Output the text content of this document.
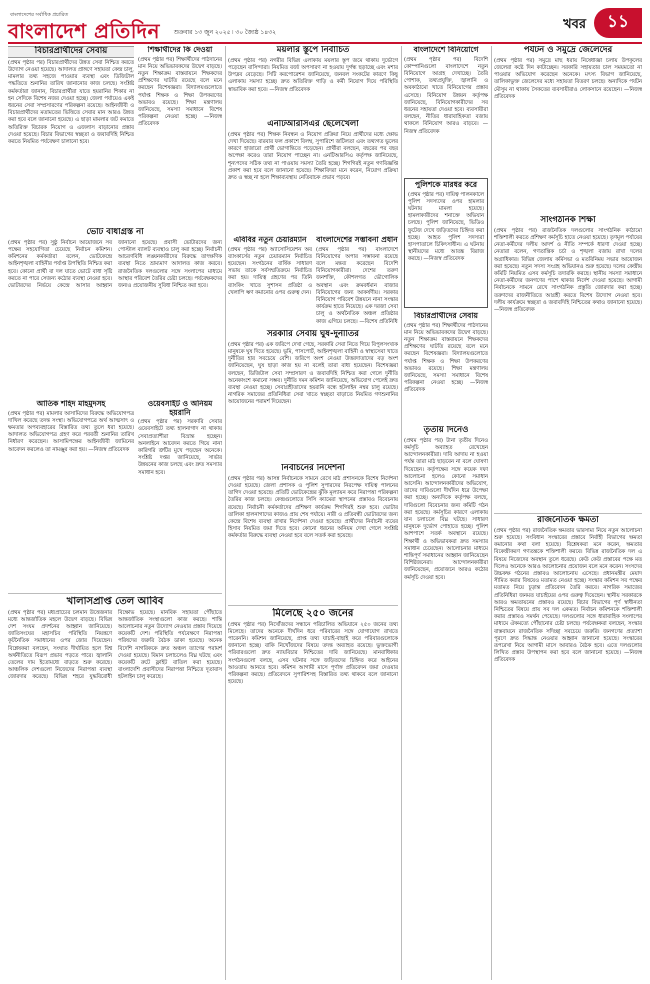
বাংলাদেশের সর্বাধিক প্রচারিত
বাংলাদেশ প্রতিদিন শুক্রবার ১৩ জুন ২০২৫ ৷ ৩০ জ্যৈষ্ঠ ১৪৩২
খবর ১১
বিচারপ্রার্থীদের সেবায়

(প্রথম পৃষ্ঠার পর) বিচারপ্রার্থীদের উন্নত সেবা নিশ্চিত করতে উদ্যোগ নেওয়া হয়েছে। আদালত প্রাঙ্গণে সহায়তা কেন্দ্র চালু, মামলার তথ্য সহজে পাওয়ার ব্যবস্থা এবং ডিজিটাল পদ্ধতিতে শুনানির তারিখ জানানোর কাজ চলছে। সংশ্লিষ্ট কর্মকর্তারা জানান, বিচারপ্রার্থীরা যাতে হয়রানির শিকার না হন সেদিকে বিশেষ নজর দেওয়া হচ্ছে। জেলা পর্যায়েও একই ধরনের সেবা সম্প্রসারণের পরিকল্পনা রয়েছে। আইনজীবী ও বিচারপ্রার্থীদের মতামতের ভিত্তিতে সেবার মান আরও উন্নত করা হবে বলে জানানো হয়েছে। এ ছাড়া মামলার জট কমাতে অতিরিক্ত বিচারক নিয়োগ ও এজলাস বাড়ানোর প্রস্তাব দেওয়া হয়েছে। বিচার বিভাগের স্বচ্ছতা ও জবাবদিহি নিশ্চিত করতে নিয়মিত পর্যবেক্ষণ চালানো হবে।

শিক্ষার্থীদের কি দেওয়া

(প্রথম পৃষ্ঠার পর) শিক্ষার্থীদের পাঠদানের মান নিয়ে অভিভাবকদের উদ্বেগ বাড়ছে। নতুন শিক্ষাক্রম বাস্তবায়নে শিক্ষকদের প্রশিক্ষণের ঘাটতি রয়েছে বলে মনে করছেন বিশেষজ্ঞরা। বিদ্যালয়গুলোতে পর্যাপ্ত শিক্ষক ও শিক্ষা উপকরণের অভাবও রয়েছে। শিক্ষা মন্ত্রণালয় জানিয়েছে, সমস্যা সমাধানে বিশেষ পরিকল্পনা নেওয়া হচ্ছে। —নিজস্ব প্রতিবেদক

ভোট বাধাগ্রস্ত না

(প্রথম পৃষ্ঠার পর) সুষ্ঠু নির্বাচন আয়োজনে সব পক্ষের সহযোগিতা চেয়েছে নির্বাচন কমিশন। কমিশনের কর্মকর্তারা বলেন, ভোটকেন্দ্রে আইনশৃঙ্খলা বাহিনীর পর্যাপ্ত উপস্থিতি নিশ্চিত করা হবে। কোনো প্রার্থী বা দল যাতে ভোটে বাধা সৃষ্টি করতে না পারে সেজন্য কঠোর ব্যবস্থা নেওয়া হবে। ভোটারদের নির্ভয়ে কেন্দ্রে আসার আহ্বান জানানো হয়েছে। প্রবাসী ভোটারদের জন্য পোস্টাল ব্যালট ব্যবস্থাও চালু করা হচ্ছে। নির্বাচনী আচরণবিধি লঙ্ঘনকারীদের বিরুদ্ধে তাৎক্ষণিক ব্যবস্থা নিতে ভ্রাম্যমাণ আদালত কাজ করবে। রাজনৈতিক দলগুলোর সঙ্গে সংলাপের মাধ্যমে আস্থার পরিবেশ তৈরির চেষ্টা চলছে। পর্যবেক্ষকদের জন্যও প্রয়োজনীয় সুবিধা নিশ্চিত করা হবে।

ওয়েবসাইট ও অনিয়ম হয়রানি

(প্রথম পৃষ্ঠার পর) সরকারি সেবার ওয়েবসাইটে তথ্য হালনাগাদ না থাকায় সেবাপ্রত্যাশীরা বিভ্রান্ত হচ্ছেন। অনলাইনে আবেদন করতে গিয়ে নানা কারিগরি ত্রুটির মুখে পড়ছেন অনেকে। সংশ্লিষ্ট দপ্তর জানিয়েছে, সার্ভার উন্নয়নের কাজ চলছে এবং দ্রুত সমস্যার সমাধান হবে।

আতিক শহিদ মাহমুদসহ

(প্রথম পৃষ্ঠার পর) মামলার আসামিদের বিরুদ্ধে অভিযোগপত্র দাখিল করেছে তদন্ত সংস্থা। অভিযোগপত্রে অর্থ আত্মসাৎ ও ক্ষমতার অপব্যবহারের বিস্তারিত তথ্য তুলে ধরা হয়েছে। আদালত অভিযোগপত্র গ্রহণ করে পরবর্তী শুনানির তারিখ নির্ধারণ করেছেন। আসামিপক্ষের আইনজীবী জামিনের আবেদন করলেও তা নামঞ্জুর করা হয়। —নিজস্ব প্রতিবেদক

খালাসপ্রাপ্ত তেল আবিব

(প্রথম পৃষ্ঠার পর) মধ্যপ্রাচ্যের চলমান উত্তেজনার মধ্যে আন্তর্জাতিক মহলে উদ্বেগ বাড়ছে। বিভিন্ন দেশ সংযম প্রদর্শনের আহ্বান জানিয়েছে। জাতিসংঘের মহাসচিব পরিস্থিতি নিয়ন্ত্রণে কূটনৈতিক সমাধানের ওপর জোর দিয়েছেন। বিশ্লেষকরা বলছেন, সংঘাত দীর্ঘায়িত হলে বিশ্ব অর্থনীতিতে বিরূপ প্রভাব পড়তে পারে। জ্বালানি তেলের দাম ইতোমধ্যে বাড়তে শুরু করেছে। আঞ্চলিক দেশগুলো নিজেদের নিরাপত্তা ব্যবস্থা জোরদার করেছে। বিভিন্ন শহরে যুদ্ধবিরোধী বিক্ষোভ হয়েছে। মানবিক সহায়তা পৌঁছাতে আন্তর্জাতিক সংস্থাগুলো কাজ করছে। শান্তি আলোচনার নতুন উদ্যোগ নেওয়ার প্রস্তাব দিয়েছে কয়েকটি দেশ। পরিস্থিতি পর্যবেক্ষণে নিরাপত্তা পরিষদের জরুরি বৈঠক ডাকা হয়েছে। অনেক বিদেশি নাগরিককে দ্রুত অঞ্চল ত্যাগের পরামর্শ দেওয়া হয়েছে। বিমান চলাচলেও বিঘ্ন ঘটছে এবং কয়েকটি রুটে ফ্লাইট বাতিল করা হয়েছে। বাংলাদেশি প্রবাসীদের নিরাপত্তা নিশ্চিতে দূতাবাস হটলাইন চালু করেছে।

ময়লার স্তূপে নির্বাচিত

(প্রথম পৃষ্ঠার পর) নগরীর বিভিন্ন এলাকায় ময়লার স্তূপ জমে থাকায় দুর্ভোগে পড়েছেন বাসিন্দারা। নিয়মিত বর্জ্য অপসারণ না হওয়ায় দুর্গন্ধ ছড়াচ্ছে এবং মশার উপদ্রব বেড়েছে। সিটি করপোরেশন জানিয়েছে, জনবল সংকটের কারণে কিছু এলাকায় সমস্যা হচ্ছে। দ্রুত অতিরিক্ত গাড়ি ও কর্মী নিয়োগ দিয়ে পরিস্থিতি স্বাভাবিক করা হবে। —নিজস্ব প্রতিবেদক

এনটিআরসিএর ছেলেখেলা

(প্রথম পৃষ্ঠার পর) শিক্ষক নিবন্ধন ও নিয়োগ প্রক্রিয়া নিয়ে প্রার্থীদের মধ্যে ক্ষোভ দেখা দিয়েছে। বারবার ফল প্রকাশে বিলম্ব, সুপারিশে জটিলতা এবং তথ্যগত ভুলের কারণে হাজারো প্রার্থী ভোগান্তিতে পড়েছেন। প্রার্থীরা বলছেন, বছরের পর বছর অপেক্ষা করেও তারা নিয়োগ পাচ্ছেন না। এনটিআরসিএ কর্তৃপক্ষ জানিয়েছে, শূন্যপদের সঠিক তথ্য না পাওয়ায় সমস্যা তৈরি হচ্ছে। শিগগিরই নতুন গণবিজ্ঞপ্তি প্রকাশ করা হবে বলে জানানো হয়েছে। শিক্ষাবিদরা মনে করেন, নিয়োগ প্রক্রিয়া দ্রুত ও স্বচ্ছ না হলে শিক্ষাব্যবস্থায় নেতিবাচক প্রভাব পড়বে।

এবিবির নতুন চেয়ারম্যান

(প্রথম পৃষ্ঠার পর) অ্যাসোসিয়েশন অব ব্যাংকার্সের নতুন চেয়ারম্যান নির্বাচিত হয়েছেন। সংগঠনের বার্ষিক সাধারণ সভায় তাকে সর্বসম্মতিক্রমে নির্বাচিত করা হয়। দায়িত্ব গ্রহণের পর তিনি ব্যাংকিং খাতে সুশাসন প্রতিষ্ঠা ও খেলাপি ঋণ কমানোর ওপর গুরুত্ব দেন।

বাংলাদেশের সম্ভাবনা প্রধান

(প্রথম পৃষ্ঠার পর) বাংলাদেশে বিনিয়োগের অপার সম্ভাবনা রয়েছে বলে মন্তব্য করেছেন বিদেশি বিনিয়োগকারীরা। দেশের তরুণ জনশক্তি, কৌশলগত ভৌগোলিক অবস্থান এবং ক্রমবর্ধমান বাজার বিনিয়োগের জন্য আকর্ষণীয়। সরকার বিনিয়োগ পরিবেশ উন্নয়নে নানা সংস্কার কার্যক্রম হাতে নিয়েছে। এক দরজা সেবা চালু ও অর্থনৈতিক অঞ্চল প্রতিষ্ঠার কাজ এগিয়ে চলছে। —বিশেষ প্রতিনিধি

সরকারি সেবায় ঘুষ-দুর্নীতির

(প্রথম পৃষ্ঠার পর) এক জরিপে দেখা গেছে, সরকারি সেবা নিতে গিয়ে বিপুলসংখ্যক মানুষকে ঘুষ দিতে হয়েছে। ভূমি, পাসপোর্ট, আইনশৃঙ্খলা বাহিনী ও স্বাস্থ্যসেবা খাতে দুর্নীতির হার সবচেয়ে বেশি। জরিপে অংশ নেওয়া উত্তরদাতাদের বড় অংশ জানিয়েছেন, ঘুষ ছাড়া কাজ হয় না বলেই তারা বাধ্য হয়েছেন। বিশেষজ্ঞরা বলছেন, ডিজিটাল সেবা সম্প্রসারণ ও জবাবদিহি নিশ্চিত করা গেলে দুর্নীতি অনেকাংশে কমানো সম্ভব। দুর্নীতি দমন কমিশন জানিয়েছে, অভিযোগ পেলেই দ্রুত ব্যবস্থা নেওয়া হচ্ছে। সেবাগ্রহীতাদের হয়রানি বন্ধে হটলাইন নম্বর চালু রয়েছে। নাগরিক সমাজের প্রতিনিধিরা সেবা খাতে স্বচ্ছতা বাড়াতে নিয়মিত গণশুনানির আয়োজনের পরামর্শ দিয়েছেন।

নির্বাচনের নির্দেশনা

(প্রথম পৃষ্ঠার পর) আসন্ন নির্বাচনকে সামনে রেখে মাঠ প্রশাসনকে বিশেষ নির্দেশনা দেওয়া হয়েছে। জেলা প্রশাসক ও পুলিশ সুপারদের নিরপেক্ষ দায়িত্ব পালনের তাগিদ দেওয়া হয়েছে। প্রতিটি ভোটকেন্দ্রের ঝুঁকি মূল্যায়ন করে নিরাপত্তা পরিকল্পনা তৈরির কাজ চলছে। কেন্দ্রগুলোতে সিসি ক্যামেরা স্থাপনের প্রস্তাবও বিবেচনায় রয়েছে। নির্বাচনী কর্মকর্তাদের প্রশিক্ষণ কার্যক্রম শিগগিরই শুরু হবে। ভোটার তালিকা হালনাগাদের কাজও প্রায় শেষ পর্যায়ে। নারী ও প্রতিবন্ধী ভোটারদের জন্য কেন্দ্রে বিশেষ ব্যবস্থা রাখার নির্দেশনা দেওয়া হয়েছে। প্রার্থীদের নির্বাচনী ব্যয়ের হিসাব নিয়মিত জমা দিতে হবে। কোনো ধরনের অনিয়ম দেখা গেলে সংশ্লিষ্ট কর্মকর্তার বিরুদ্ধে ব্যবস্থা নেওয়া হবে বলে সতর্ক করা হয়েছে।

মিলেছে ২৫০ জনের

(প্রথম পৃষ্ঠার পর) নিখোঁজদের সন্ধানে পরিচালিত অভিযানে ২৫০ জনের তথ্য মিলেছে। তাদের অনেকে দীর্ঘদিন ধরে পরিবারের সঙ্গে যোগাযোগ রাখতে পারেননি। কমিশন জানিয়েছে, প্রাপ্ত তথ্য যাচাই-বাছাই করে পরিবারগুলোকে জানানো হচ্ছে। বাকি নিখোঁজদের বিষয়ে তদন্ত অব্যাহত রয়েছে। ভুক্তভোগী পরিবারগুলো দ্রুত ন্যায়বিচার নিশ্চিতের দাবি জানিয়েছে। মানবাধিকার সংগঠনগুলো বলছে, এসব ঘটনার সঙ্গে জড়িতদের চিহ্নিত করে আইনের আওতায় আনতে হবে। কমিশন আগামী মাসে পূর্ণাঙ্গ প্রতিবেদন জমা দেওয়ার পরিকল্পনা করছে। প্রতিবেদনে সুপারিশসহ বিস্তারিত তথ্য থাকবে বলে জানানো হয়েছে।

বাংলাদেশে বিনিয়োগে

(প্রথম পৃষ্ঠার পর) বিদেশি কোম্পানিগুলো বাংলাদেশে নতুন বিনিয়োগে আগ্রহ দেখাচ্ছে। তৈরি পোশাক, তথ্যপ্রযুক্তি, জ্বালানি ও অবকাঠামো খাতে বিনিয়োগের প্রস্তাব এসেছে। বিনিয়োগ উন্নয়ন কর্তৃপক্ষ জানিয়েছে, বিনিয়োগকারীদের সব ধরনের সহায়তা দেওয়া হবে। ব্যবসায়ীরা বলছেন, নীতির ধারাবাহিকতা বজায় থাকলে বিনিয়োগ আরও বাড়বে। —নিজস্ব প্রতিবেদক

পুলিশকে মারধর করে

(প্রথম পৃষ্ঠার পর) দায়িত্ব পালনকালে পুলিশ সদস্যদের ওপর হামলার ঘটনায় মামলা হয়েছে। হামলাকারীদের শনাক্তে অভিযান চলছে। পুলিশ জানিয়েছে, ভিডিও ফুটেজ দেখে জড়িতদের চিহ্নিত করা হচ্ছে। আহত পুলিশ সদস্যরা হাসপাতালে চিকিৎসাধীন। এ ঘটনায় স্থানীয়দের মধ্যে আতঙ্ক বিরাজ করছে। —নিজস্ব প্রতিবেদক

বিচারপ্রার্থীদের সেবায়

(প্রথম পৃষ্ঠার পর) শিক্ষার্থীদের পাঠদানের মান নিয়ে অভিভাবকদের উদ্বেগ বাড়ছে। নতুন শিক্ষাক্রম বাস্তবায়নে শিক্ষকদের প্রশিক্ষণের ঘাটতি রয়েছে বলে মনে করছেন বিশেষজ্ঞরা। বিদ্যালয়গুলোতে পর্যাপ্ত শিক্ষক ও শিক্ষা উপকরণের অভাবও রয়েছে। শিক্ষা মন্ত্রণালয় জানিয়েছে, সমস্যা সমাধানে বিশেষ পরিকল্পনা নেওয়া হচ্ছে। —নিজস্ব প্রতিবেদক

তৃতীয় দিনেও

(প্রথম পৃষ্ঠার পর) টানা তৃতীয় দিনেও কর্মসূচি অব্যাহত রেখেছেন আন্দোলনকারীরা। দাবি আদায় না হওয়া পর্যন্ত তারা মাঠ ছাড়বেন না বলে ঘোষণা দিয়েছেন। কর্তৃপক্ষের সঙ্গে কয়েক দফা আলোচনা হলেও কোনো সমাধান আসেনি। আন্দোলনকারীদের অভিযোগ, তাদের দাবিগুলো দীর্ঘদিন ধরে উপেক্ষা করা হচ্ছে। অন্যদিকে কর্তৃপক্ষ বলছে, দাবিগুলো বিবেচনার জন্য কমিটি গঠন করা হয়েছে। কর্মসূচির কারণে এলাকায় যান চলাচলে বিঘ্ন ঘটছে। সাধারণ মানুষকে দুর্ভোগ পোহাতে হচ্ছে। পুলিশ আশপাশে সতর্ক অবস্থানে রয়েছে। শিক্ষার্থী ও অভিভাবকরা দ্রুত সমস্যার সমাধান চেয়েছেন। আলোচনার মাধ্যমে শান্তিপূর্ণ সমাধানের আহ্বান জানিয়েছেন বিশিষ্টজনেরা। আন্দোলনকারীরা জানিয়েছেন, প্রয়োজনে আরও কঠোর কর্মসূচি দেওয়া হবে।

পর্যটন ও সমুদ্রে জেলেদের

(প্রথম পৃষ্ঠার পর) সমুদ্রে মাছ ধরায় নিষেধাজ্ঞা চলায় উপকূলের জেলেরা কষ্টে দিন কাটাচ্ছেন। সরকারি সহায়তার চাল সময়মতো না পাওয়ার অভিযোগ করেছেন অনেকে। মৎস্য বিভাগ জানিয়েছে, তালিকাভুক্ত জেলেদের মধ্যে সহায়তা বিতরণ চলছে। অন্যদিকে পর্যটন মৌসুম না থাকায় সৈকতের ব্যবসায়ীরাও লোকসানে রয়েছেন। —নিজস্ব প্রতিবেদক

সাংগঠনিক শিক্ষা

(প্রথম পৃষ্ঠার পর) রাজনৈতিক দলগুলোর সাংগঠনিক কাঠামো শক্তিশালী করতে প্রশিক্ষণ কর্মসূচি হাতে নেওয়া হয়েছে। তৃণমূল পর্যায়ের নেতা-কর্মীদের দলীয় আদর্শ ও নীতি সম্পর্কে ধারণা দেওয়া হচ্ছে। নেতারা বলেন, গণতান্ত্রিক চর্চা ও শৃঙ্খলা বজায় রাখা দলের অগ্রাধিকার। বিভিন্ন জেলায় কর্মিসভা ও মতবিনিময় সভার আয়োজন করা হয়েছে। নতুন সদস্য সংগ্রহ অভিযানও শুরু হয়েছে। দলের কেন্দ্রীয় কমিটি নিয়মিত এসব কর্মসূচি তদারকি করছে। স্থানীয় সমস্যা সমাধানে নেতা-কর্মীদের জনগণের পাশে থাকার নির্দেশ দেওয়া হয়েছে। আগামী নির্বাচনকে সামনে রেখে সাংগঠনিক প্রস্তুতি জোরদার করা হচ্ছে। তরুণদের রাজনীতিতে আগ্রহী করতে বিশেষ উদ্যোগ নেওয়া হবে। দলীয় কার্যক্রমে স্বচ্ছতা ও জবাবদিহি নিশ্চিতের কথাও জানানো হয়েছে। —নিজস্ব প্রতিবেদক

রাজনৈতিক ক্ষমতা

(প্রথম পৃষ্ঠার পর) রাজনৈতিক ক্ষমতার ভারসাম্য নিয়ে নতুন আলোচনা শুরু হয়েছে। সংবিধান সংস্কারের প্রস্তাবে নির্বাহী বিভাগের ক্ষমতা কমানোর কথা বলা হয়েছে। বিশ্লেষকরা মনে করেন, ক্ষমতার বিকেন্দ্রীকরণ গণতন্ত্রকে শক্তিশালী করবে। বিভিন্ন রাজনৈতিক দল এ বিষয়ে নিজেদের অবস্থান তুলে ধরেছে। কেউ কেউ প্রস্তাবের পক্ষে মত দিলেও অনেকে আরও আলোচনার প্রয়োজন বলে মনে করেন। সংসদের উচ্চকক্ষ গঠনের প্রস্তাবও আলোচনায় এসেছে। প্রধানমন্ত্রীর মেয়াদ সীমিত করার বিষয়েও মতামত নেওয়া হচ্ছে। সংস্কার কমিশন সব পক্ষের মতামত নিয়ে চূড়ান্ত প্রতিবেদন তৈরি করবে। নাগরিক সমাজের প্রতিনিধিরা জনমত যাচাইয়ের ওপর গুরুত্ব দিয়েছেন। স্থানীয় সরকারকে আরও ক্ষমতায়নের প্রস্তাবও রয়েছে। বিচার বিভাগের পূর্ণ স্বাধীনতা নিশ্চিতের বিষয়ে প্রায় সব দল একমত। নির্বাচন কমিশনকে শক্তিশালী করার প্রস্তাবও সমর্থন পেয়েছে। দলগুলোর সঙ্গে ধারাবাহিক সংলাপের মাধ্যমে ঐকমত্যে পৌঁছানোর চেষ্টা চলছে। পর্যবেক্ষকরা বলছেন, সংস্কার বাস্তবায়নে রাজনৈতিক সদিচ্ছা সবচেয়ে জরুরি। জনগণের প্রত্যাশা পূরণে দ্রুত সিদ্ধান্ত নেওয়ার আহ্বান জানানো হয়েছে। সংস্কারের রূপরেখা নিয়ে আগামী মাসে আবারও বৈঠক হবে। এতে দলগুলোর লিখিত প্রস্তাব উপস্থাপন করা হবে বলে জানানো হয়েছে। —নিজস্ব প্রতিবেদক
